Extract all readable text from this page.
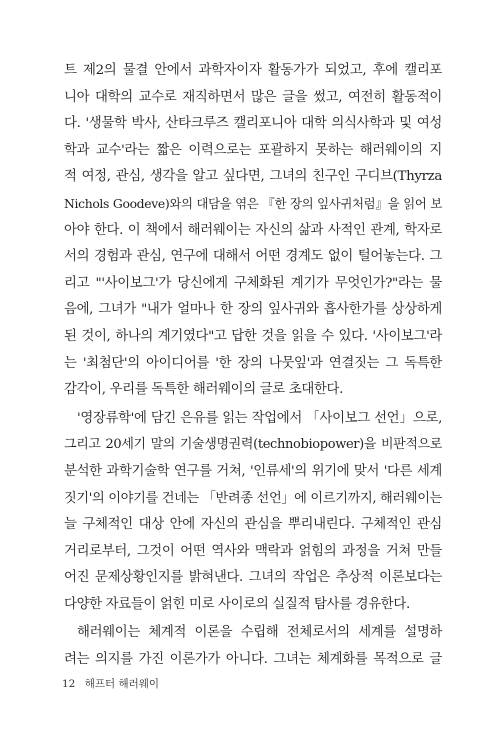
트 제2의 물결 안에서 과학자이자 활동가가 되었고, 후에 캘리포
니아 대학의 교수로 재직하면서 많은 글을 썼고, 여전히 활동적이
다. '생물학 박사, 산타크루즈 캘리포니아 대학 의식사학과 및 여성
학과 교수'라는 짧은 이력으로는 포괄하지 못하는 해러웨이의 지
적 여정, 관심, 생각을 알고 싶다면, 그녀의 친구인 구디브(Thyrza
Nichols Goodeve)와의 대담을 엮은 『한 장의 잎사귀처럼』을 읽어 보
아야 한다. 이 책에서 해러웨이는 자신의 삶과 사적인 관계, 학자로
서의 경험과 관심, 연구에 대해서 어떤 경계도 없이 털어놓는다. 그
리고 "'사이보그'가 당신에게 구체화된 계기가 무엇인가?"라는 물
음에, 그녀가 "내가 얼마나 한 장의 잎사귀와 흡사한가를 상상하게
된 것이, 하나의 계기였다"고 답한 것을 읽을 수 있다. '사이보그'라
는 '최첨단'의 아이디어를 '한 장의 나뭇잎'과 연결짓는 그 독특한
감각이, 우리를 독특한 해러웨이의 글로 초대한다.
'영장류학'에 담긴 은유를 읽는 작업에서 「사이보그 선언」으로,
그리고 20세기 말의 기술생명권력(technobiopower)을 비판적으로
분석한 과학기술학 연구를 거쳐, '인류세'의 위기에 맞서 '다른 세계
짓기'의 이야기를 건네는 「반려종 선언」에 이르기까지, 해러웨이는
늘 구체적인 대상 안에 자신의 관심을 뿌리내린다. 구체적인 관심
거리로부터, 그것이 어떤 역사와 맥락과 얽힘의 과정을 거쳐 만들
어진 문제상황인지를 밝혀낸다. 그녀의 작업은 추상적 이론보다는
다양한 자료들이 얽힌 미로 사이로의 실질적 탐사를 경유한다.
해러웨이는 체계적 이론을 수립해 전체로서의 세계를 설명하
려는 의지를 가진 이론가가 아니다. 그녀는 체계화를 목적으로 글
12 해프터 해러웨이
